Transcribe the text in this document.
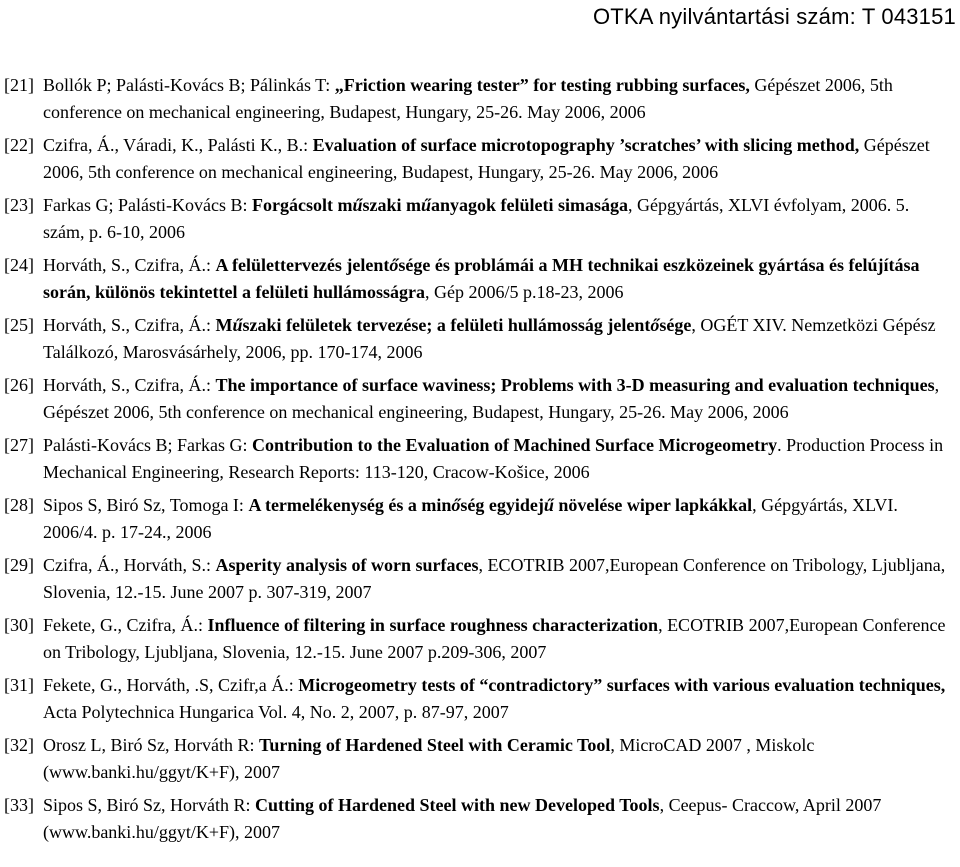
OTKA nyilvántartási szám: T 043151
[21] Bollók P; Palásti-Kovács B; Pálinkás T: „Friction wearing tester” for testing rubbing surfaces, Gépészet 2006, 5th conference on mechanical engineering, Budapest, Hungary, 25-26. May 2006, 2006
[22] Czifra, Á., Váradi, K., Palásti K., B.: Evaluation of surface microtopography ’scratches’ with slicing method, Gépészet 2006, 5th conference on mechanical engineering, Budapest, Hungary, 25-26. May 2006, 2006
[23] Farkas G; Palásti-Kovács B: Forgácsolt műszaki műanyagok felületi simasága, Gépgyártás, XLVI évfolyam, 2006. 5. szám, p. 6-10, 2006
[24] Horváth, S., Czifra, Á.: A felülettervezés jelentősége és problámái a MH technikai eszközeinek gyártása és felújítása során, különös tekintettel a felületi hullámosságra, Gép 2006/5 p.18-23, 2006
[25] Horváth, S., Czifra, Á.: Műszaki felületek tervezése; a felületi hullámosság jelentősége, OGÉT XIV. Nemzetközi Gépész Találkozó, Marosvásárhely, 2006, pp. 170-174, 2006
[26] Horváth, S., Czifra, Á.: The importance of surface waviness; Problems with 3-D measuring and evaluation techniques, Gépészet 2006, 5th conference on mechanical engineering, Budapest, Hungary, 25-26. May 2006, 2006
[27] Palásti-Kovács B; Farkas G: Contribution to the Evaluation of Machined Surface Microgeometry. Production Process in Mechanical Engineering, Research Reports: 113-120, Cracow-Košice, 2006
[28] Sipos S, Biró Sz, Tomoga I: A termelékenység és a minőség egyidejű növelése wiper lapkákkal, Gépgyártás, XLVI. 2006/4. p. 17-24., 2006
[29] Czifra, Á., Horváth, S.: Asperity analysis of worn surfaces, ECOTRIB 2007,European Conference on Tribology, Ljubljana, Slovenia, 12.-15. June 2007 p. 307-319, 2007
[30] Fekete, G., Czifra, Á.: Influence of filtering in surface roughness characterization, ECOTRIB 2007,European Conference on Tribology, Ljubljana, Slovenia, 12.-15. June 2007 p.209-306, 2007
[31] Fekete, G., Horváth, .S, Czifr,a Á.: Microgeometry tests of “contradictory” surfaces with various evaluation techniques, Acta Polytechnica Hungarica Vol. 4, No. 2, 2007, p. 87-97, 2007
[32] Orosz L, Biró Sz, Horváth R: Turning of Hardened Steel with Ceramic Tool, MicroCAD 2007 , Miskolc (www.banki.hu/ggyt/K+F), 2007
[33] Sipos S, Biró Sz, Horváth R: Cutting of Hardened Steel with new Developed Tools, Ceepus- Craccow, April 2007 (www.banki.hu/ggyt/K+F), 2007
